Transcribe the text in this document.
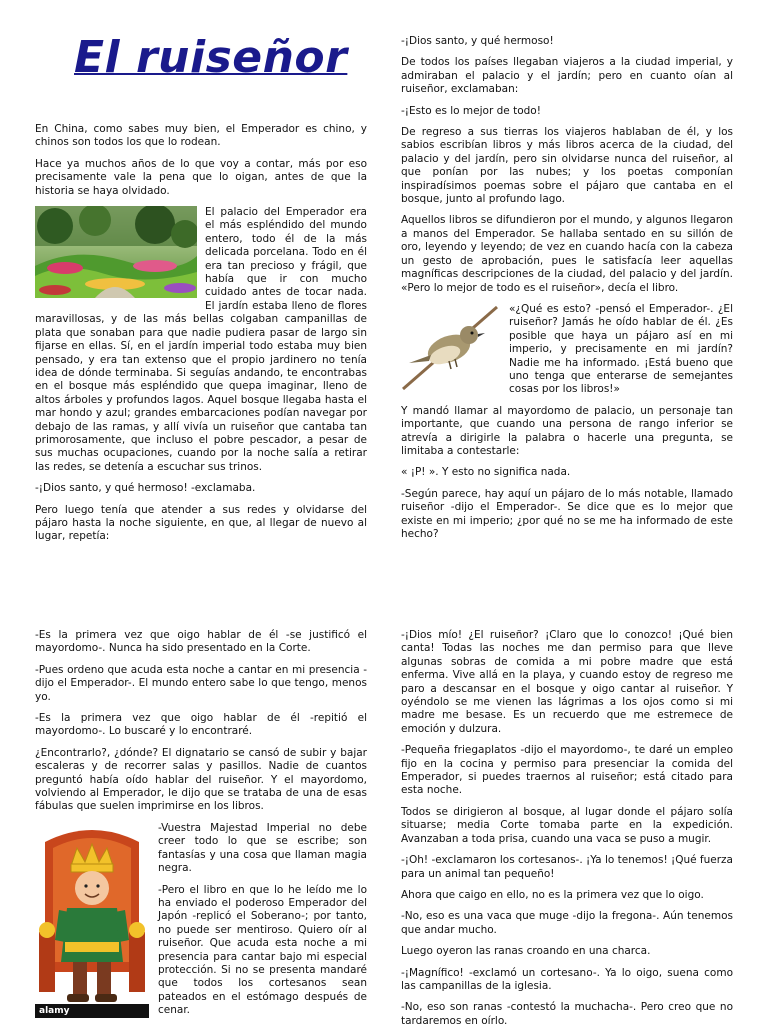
El ruiseñor

En China, como sabes muy bien, el Emperador es chino, y chinos son todos los que lo rodean.

Hace ya muchos años de lo que voy a contar, más por eso precisamente vale la pena que lo oigan, antes de que la historia se haya olvidado.

El palacio del Emperador era el más espléndido del mundo entero, todo él de la más delicada porcelana. Todo en él era tan precioso y frágil, que había que ir con mucho cuidado antes de tocar nada. El jardín estaba lleno de flores maravillosas, y de las más bellas colgaban campanillas de plata que sonaban para que nadie pudiera pasar de largo sin fijarse en ellas. Sí, en el jardín imperial todo estaba muy bien pensado, y era tan extenso que el propio jardinero no tenía idea de dónde terminaba. Si seguías andando, te encontrabas en el bosque más espléndido que quepa imaginar, lleno de altos árboles y profundos lagos. Aquel bosque llegaba hasta el mar hondo y azul; grandes embarcaciones podían navegar por debajo de las ramas, y allí vivía un ruiseñor que cantaba tan primorosamente, que incluso el pobre pescador, a pesar de sus muchas ocupaciones, cuando por la noche salía a retirar las redes, se detenía a escuchar sus trinos.

-¡Dios santo, y qué hermoso! -exclamaba.

Pero luego tenía que atender a sus redes y olvidarse del pájaro hasta la noche siguiente, en que, al llegar de nuevo al lugar, repetía:

-¡Dios santo, y qué hermoso!

De todos los países llegaban viajeros a la ciudad imperial, y admiraban el palacio y el jardín; pero en cuanto oían al ruiseñor, exclamaban:

-¡Esto es lo mejor de todo!

De regreso a sus tierras los viajeros hablaban de él, y los sabios escribían libros y más libros acerca de la ciudad, del palacio y del jardín, pero sin olvidarse nunca del ruiseñor, al que ponían por las nubes; y los poetas componían inspiradísimos poemas sobre el pájaro que cantaba en el bosque, junto al profundo lago.

Aquellos libros se difundieron por el mundo, y algunos llegaron a manos del Emperador. Se hallaba sentado en su sillón de oro, leyendo y leyendo; de vez en cuando hacía con la cabeza un gesto de aprobación, pues le satisfacía leer aquellas magníficas descripciones de la ciudad, del palacio y del jardín. «Pero lo mejor de todo es el ruiseñor», decía el libro.

«¿Qué es esto? -pensó el Emperador-. ¿El ruiseñor? Jamás he oído hablar de él. ¿Es posible que haya un pájaro así en mi imperio, y precisamente en mi jardín? Nadie me ha informado. ¡Está bueno que uno tenga que enterarse de semejantes cosas por los libros!»

Y mandó llamar al mayordomo de palacio, un personaje tan importante, que cuando una persona de rango inferior se atrevía a dirigirle la palabra o hacerle una pregunta, se limitaba a contestarle:

« ¡P! ». Y esto no significa nada.

-Según parece, hay aquí un pájaro de lo más notable, llamado ruiseñor -dijo el Emperador-. Se dice que es lo mejor que existe en mi imperio; ¿por qué no se me ha informado de este hecho?

-Es la primera vez que oigo hablar de él -se justificó el mayordomo-. Nunca ha sido presentado en la Corte.

-Pues ordeno que acuda esta noche a cantar en mi presencia -dijo el Emperador-. El mundo entero sabe lo que tengo, menos yo.

-Es la primera vez que oigo hablar de él -repitió el mayordomo-. Lo buscaré y lo encontraré.

¿Encontrarlo?, ¿dónde? El dignatario se cansó de subir y bajar escaleras y de recorrer salas y pasillos. Nadie de cuantos preguntó había oído hablar del ruiseñor. Y el mayordomo, volviendo al Emperador, le dijo que se trataba de una de esas fábulas que suelen imprimirse en los libros.

alamy

-Vuestra Majestad Imperial no debe creer todo lo que se escribe; son fantasías y una cosa que llaman magia negra.

-Pero el libro en que lo he leído me lo ha enviado el poderoso Emperador del Japón -replicó el Soberano-; por tanto, no puede ser mentiroso. Quiero oír al ruiseñor. Que acuda esta noche a mi presencia para cantar bajo mi especial protección. Si no se presenta mandaré que todos los cortesanos sean pateados en el estómago después de cenar.

-¡Dios mío! ¿El ruiseñor? ¡Claro que lo conozco! ¡Qué bien canta! Todas las noches me dan permiso para que lleve algunas sobras de comida a mi pobre madre que está enferma. Vive allá en la playa, y cuando estoy de regreso me paro a descansar en el bosque y oigo cantar al ruiseñor. Y oyéndolo se me vienen las lágrimas a los ojos como si mi madre me besase. Es un recuerdo que me estremece de emoción y dulzura.

-Pequeña friegaplatos -dijo el mayordomo-, te daré un empleo fijo en la cocina y permiso para presenciar la comida del Emperador, si puedes traernos al ruiseñor; está citado para esta noche.

Todos se dirigieron al bosque, al lugar donde el pájaro solía situarse; media Corte tomaba parte en la expedición. Avanzaban a toda prisa, cuando una vaca se puso a mugir.

-¡Oh! -exclamaron los cortesanos-. ¡Ya lo tenemos! ¡Qué fuerza para un animal tan pequeño!

Ahora que caigo en ello, no es la primera vez que lo oigo.

-No, eso es una vaca que muge -dijo la fregona-. Aún tenemos que andar mucho.

Luego oyeron las ranas croando en una charca.

-¡Magnífico! -exclamó un cortesano-. Ya lo oigo, suena como las campanillas de la iglesia.

-No, eso son ranas -contestó la muchacha-. Pero creo que no tardaremos en oírlo.
